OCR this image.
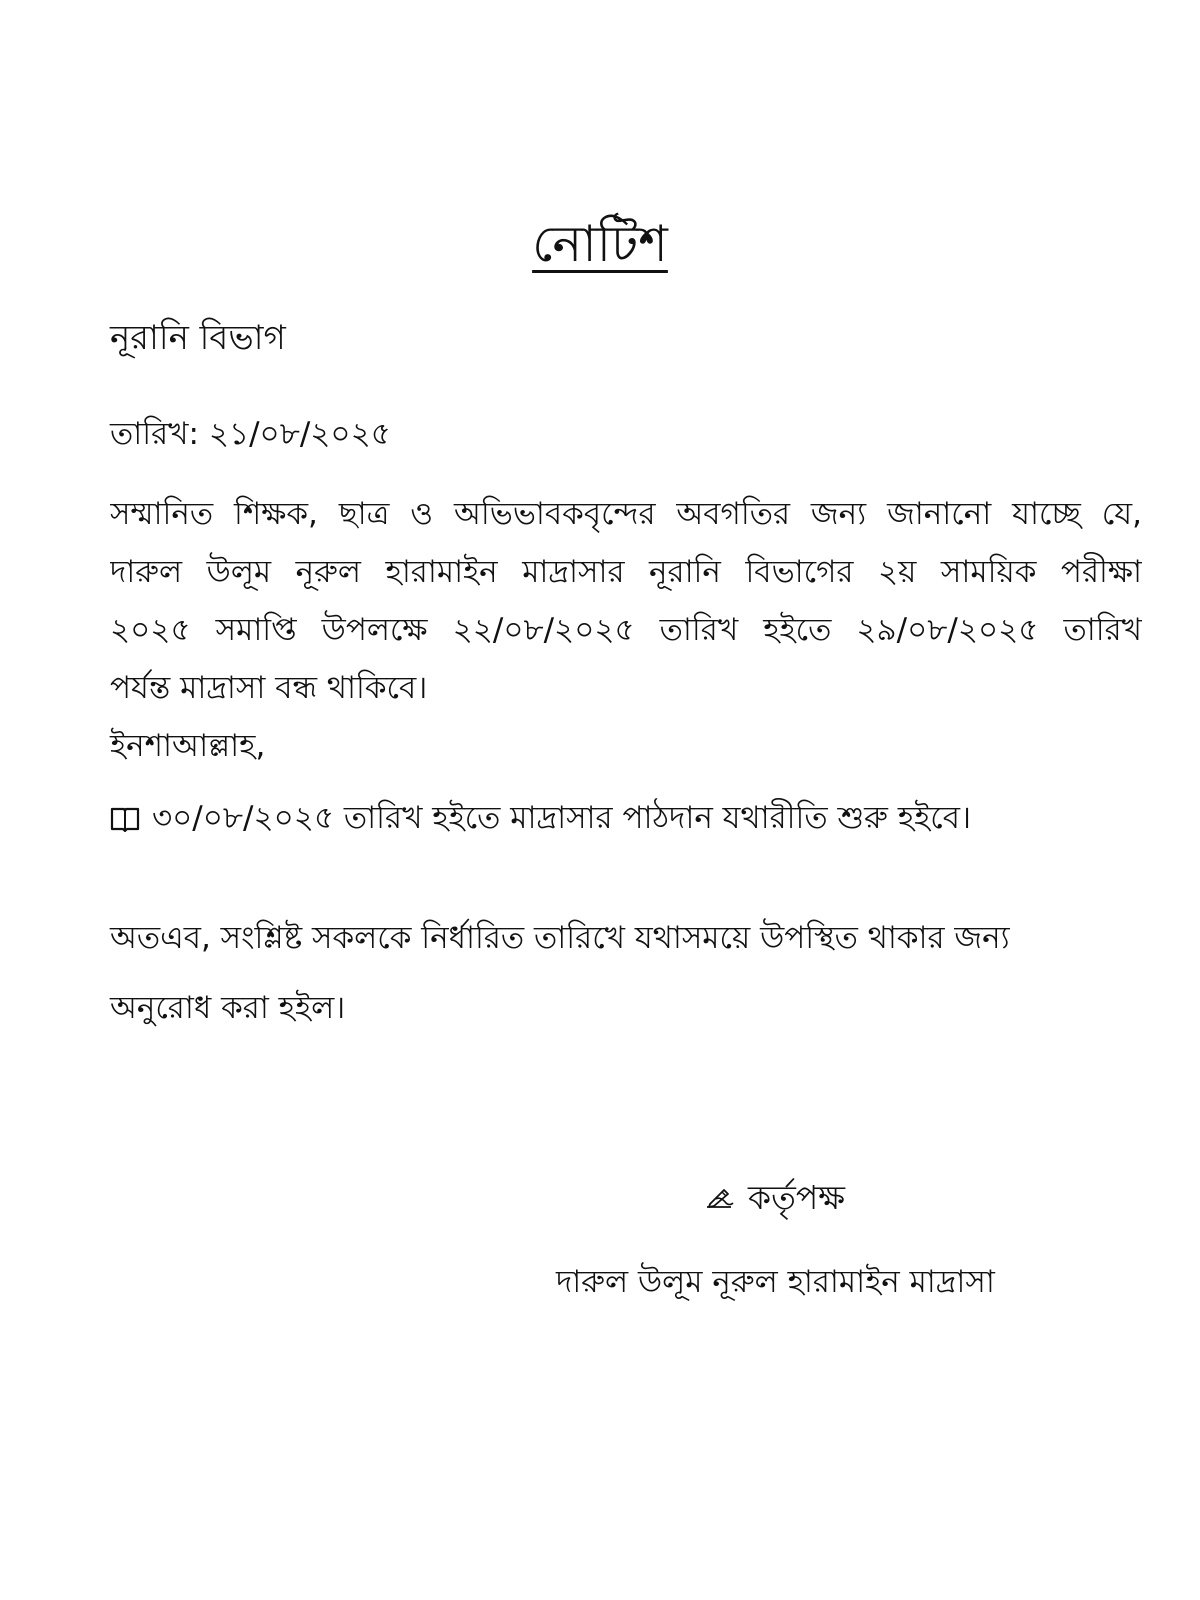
নোটিশ
নূরানি বিভাগ
তারিখ: ২১/০৮/২০২৫
সম্মানিত শিক্ষক, ছাত্র ও অভিভাবকবৃন্দের অবগতির জন্য জানানো যাচ্ছে যে,
দারুল উলূম নূরুল হারামাইন মাদ্রাসার নূরানি বিভাগের ২য় সাময়িক পরীক্ষা
২০২৫ সমাপ্তি উপলক্ষে ২২/০৮/২০২৫ তারিখ হইতে ২৯/০৮/২০২৫ তারিখ
পর্যন্ত মাদ্রাসা বন্ধ থাকিবে।
ইনশাআল্লাহ,
৩০/০৮/২০২৫ তারিখ হইতে মাদ্রাসার পাঠদান যথারীতি শুরু হইবে।
অতএব, সংশ্লিষ্ট সকলকে নির্ধারিত তারিখে যথাসময়ে উপস্থিত থাকার জন্য
অনুরোধ করা হইল।
কর্তৃপক্ষ
দারুল উলূম নূরুল হারামাইন মাদ্রাসা
